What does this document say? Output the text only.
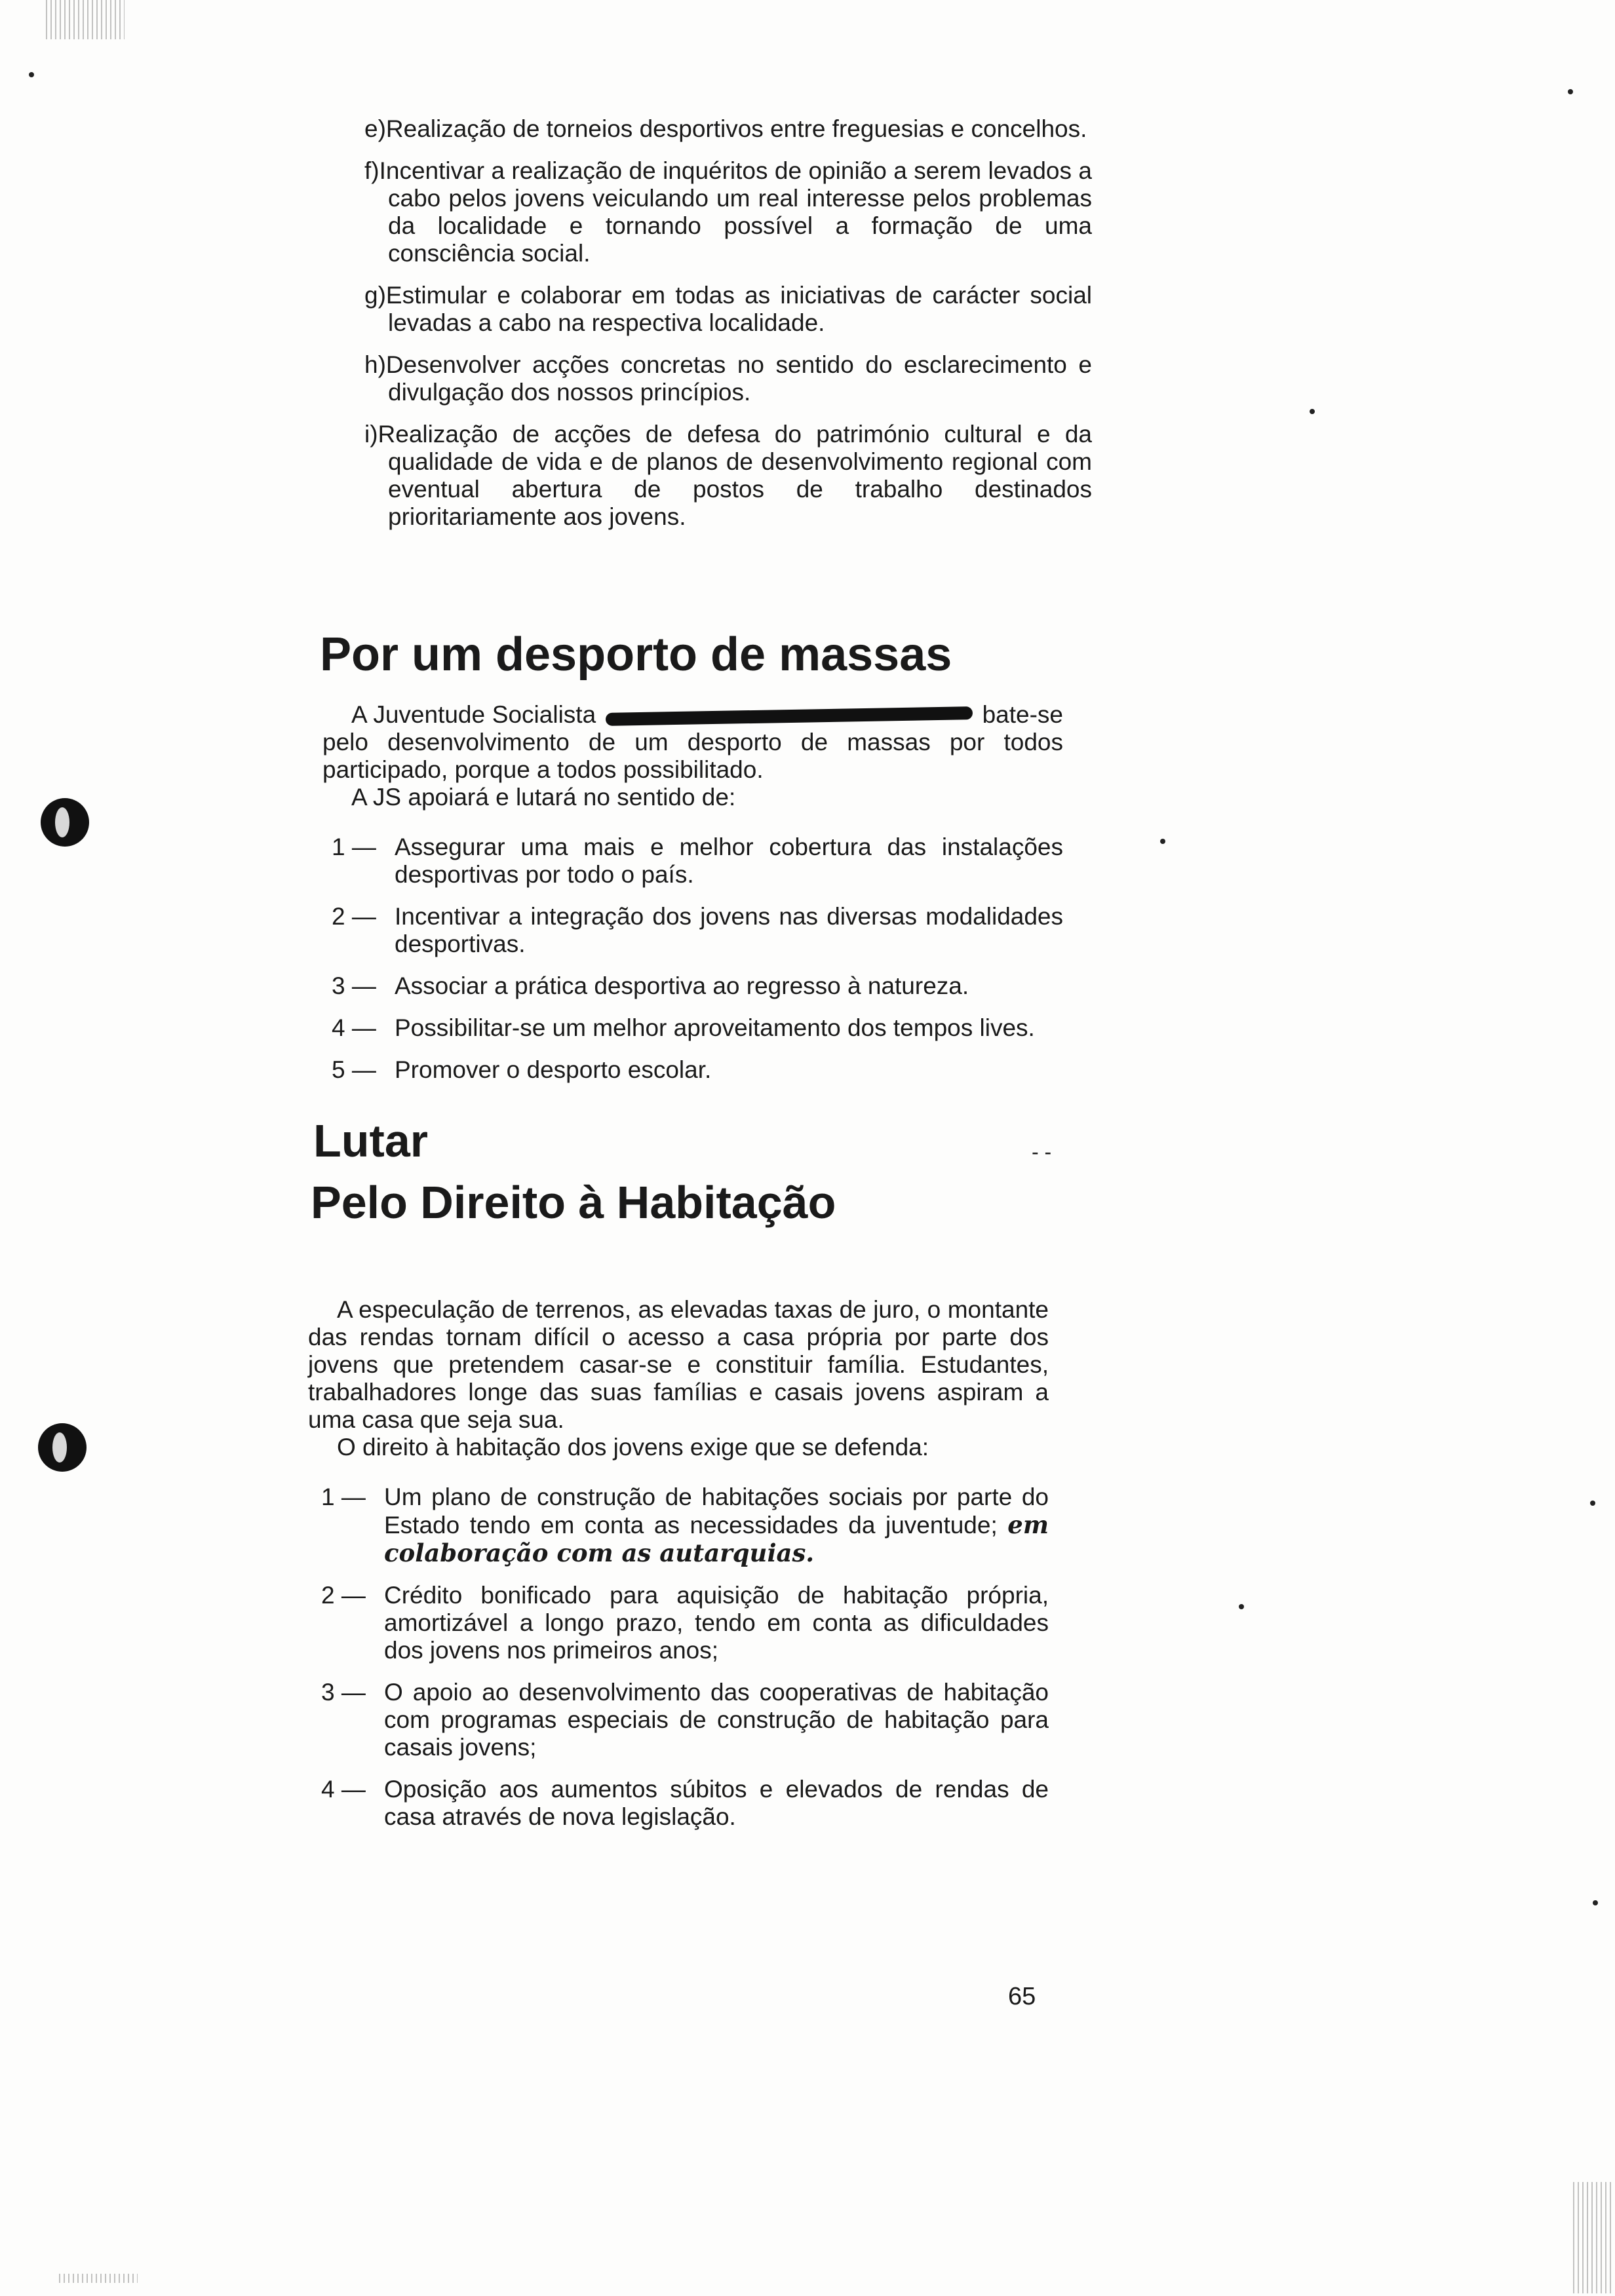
e)Realização de torneios desportivos entre freguesias e concelhos.
f)Incentivar a realização de inquéritos de opinião a serem levados a cabo pelos jovens veiculando um real interesse pelos problemas da localidade e tornando possível a formação de uma consciência social.
g)Estimular e colaborar em todas as iniciativas de carácter social levadas a cabo na respectiva localidade.
h)Desenvolver acções concretas no sentido do esclarecimento e divulgação dos nossos princípios.
i)Realização de acções de defesa do património cultural e da qualidade de vida e de planos de desenvolvimento regional com eventual abertura de postos de trabalho destinados prioritariamente aos jovens.
Por um desporto de massas
A Juventude Socialista	bate-se pelo desenvolvimento de um desporto de massas por todos participado, porque a todos possibilitado.
A JS apoiará e lutará no sentido de:
1 — Assegurar uma mais e melhor cobertura das instalações desportivas por todo o país.
2 — Incentivar a integração dos jovens nas diversas modalidades desportivas.
3 — Associar a prática desportiva ao regresso à natureza.
4 — Possibilitar-se um melhor aproveitamento dos tempos lives.
5 — Promover o desporto escolar.
Lutar	- -
Pelo Direito à Habitação
A especulação de terrenos, as elevadas taxas de juro, o montante das rendas tornam difícil o acesso a casa própria por parte dos jovens que pretendem casar-se e constituir família. Estudantes, trabalhadores longe das suas famílias e casais jovens aspiram a uma casa que seja sua.
O direito à habitação dos jovens exige que se defenda:
1 — Um plano de construção de habitações sociais por parte do Estado tendo em conta as necessidades da juventude; em colaboração com as autarquias.
2 — Crédito bonificado para aquisição de habitação própria, amortizável a longo prazo, tendo em conta as dificuldades dos jovens nos primeiros anos;
3 — O apoio ao desenvolvimento das cooperativas de habitação com programas especiais de construção de habitação para casais jovens;
4 — Oposição aos aumentos súbitos e elevados de rendas de casa através de nova legislação.
65
